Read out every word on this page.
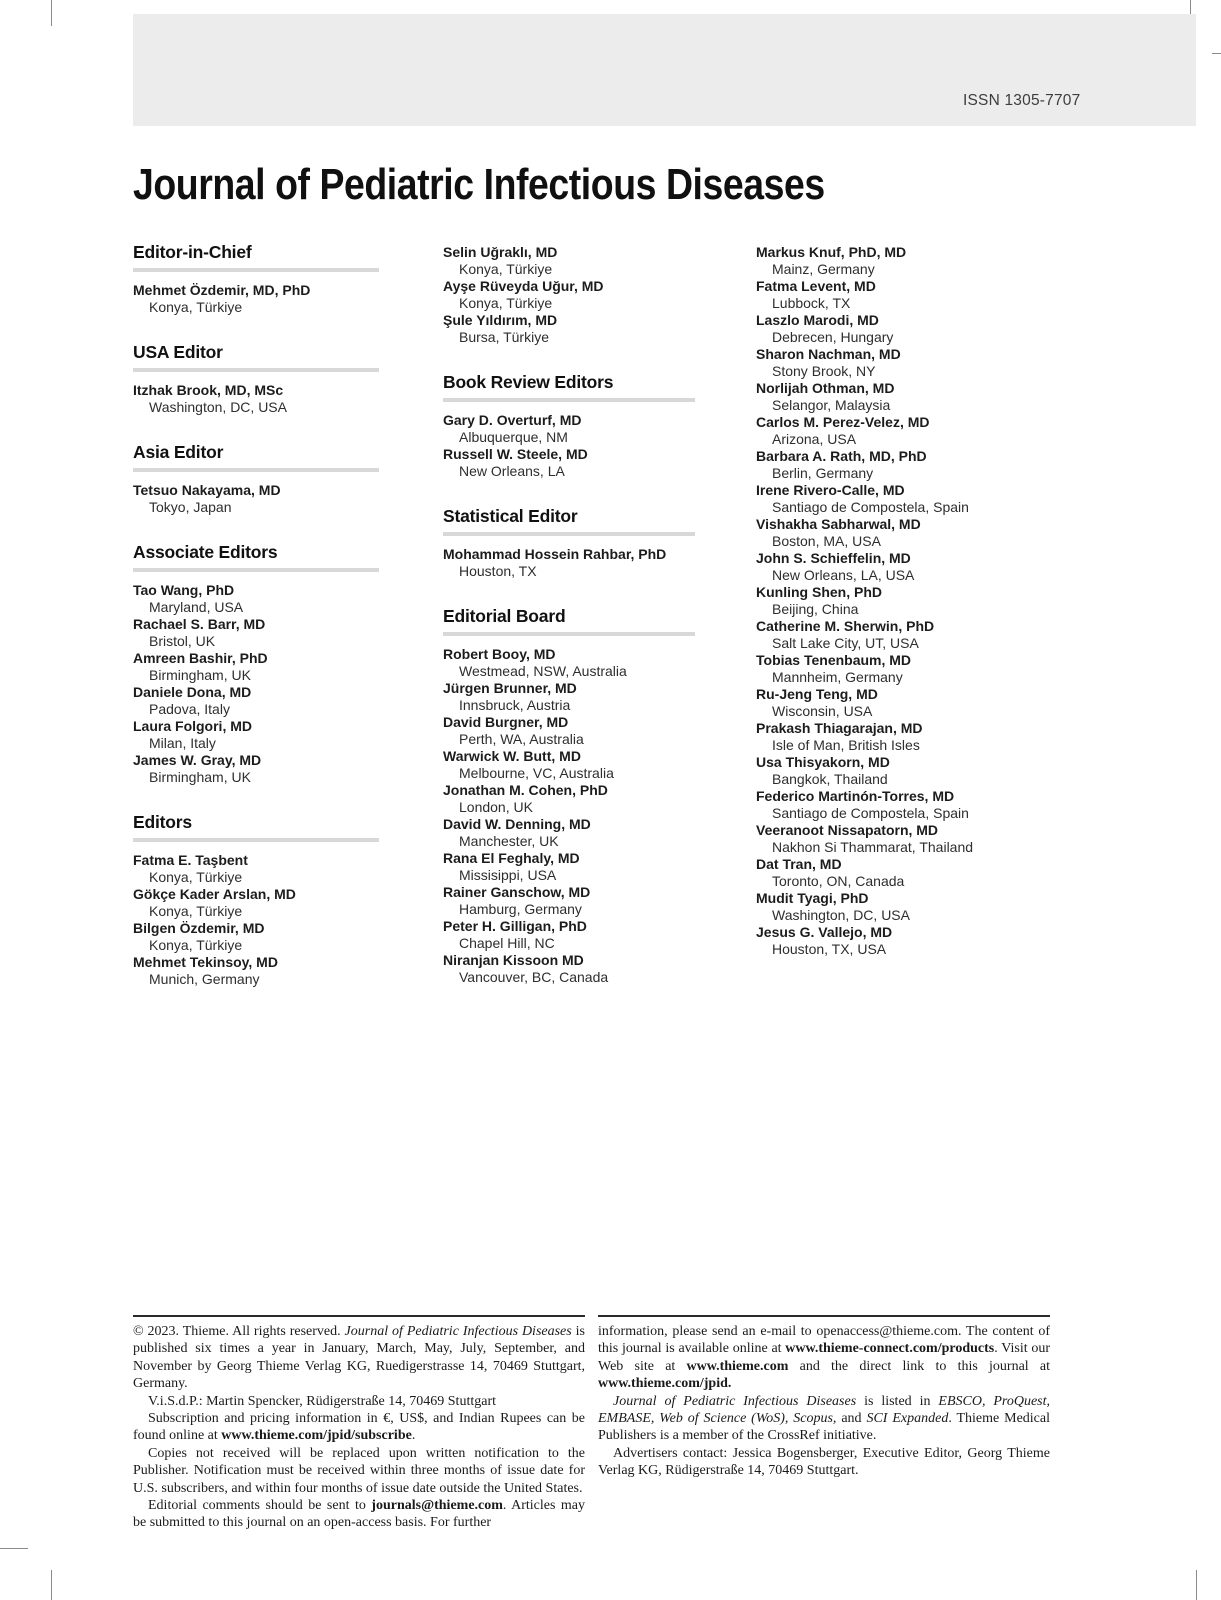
ISSN 1305-7707
Journal of Pediatric Infectious Diseases
Editor-in-Chief
Mehmet Özdemir, MD, PhD
Konya, Türkiye
USA Editor
Itzhak Brook, MD, MSc
Washington, DC, USA
Asia Editor
Tetsuo Nakayama, MD
Tokyo, Japan
Associate Editors
Tao Wang, PhD
Maryland, USA
Rachael S. Barr, MD
Bristol, UK
Amreen Bashir, PhD
Birmingham, UK
Daniele Dona, MD
Padova, Italy
Laura Folgori, MD
Milan, Italy
James W. Gray, MD
Birmingham, UK
Editors
Fatma E. Taşbent
Konya, Türkiye
Gökçe Kader Arslan, MD
Konya, Türkiye
Bilgen Özdemir, MD
Konya, Türkiye
Mehmet Tekinsoy, MD
Munich, Germany
Selin Uğraklı, MD
Konya, Türkiye
Ayşe Rüveyda Uğur, MD
Konya, Türkiye
Şule Yıldırım, MD
Bursa, Türkiye
Book Review Editors
Gary D. Overturf, MD
Albuquerque, NM
Russell W. Steele, MD
New Orleans, LA
Statistical Editor
Mohammad Hossein Rahbar, PhD
Houston, TX
Editorial Board
Robert Booy, MD
Westmead, NSW, Australia
Jürgen Brunner, MD
Innsbruck, Austria
David Burgner, MD
Perth, WA, Australia
Warwick W. Butt, MD
Melbourne, VC, Australia
Jonathan M. Cohen, PhD
London, UK
David W. Denning, MD
Manchester, UK
Rana El Feghaly, MD
Missisippi, USA
Rainer Ganschow, MD
Hamburg, Germany
Peter H. Gilligan, PhD
Chapel Hill, NC
Niranjan Kissoon MD
Vancouver, BC, Canada
Markus Knuf, PhD, MD
Mainz, Germany
Fatma Levent, MD
Lubbock, TX
Laszlo Marodi, MD
Debrecen, Hungary
Sharon Nachman, MD
Stony Brook, NY
Norlijah Othman, MD
Selangor, Malaysia
Carlos M. Perez-Velez, MD
Arizona, USA
Barbara A. Rath, MD, PhD
Berlin, Germany
Irene Rivero-Calle, MD
Santiago de Compostela, Spain
Vishakha Sabharwal, MD
Boston, MA, USA
John S. Schieffelin, MD
New Orleans, LA, USA
Kunling Shen, PhD
Beijing, China
Catherine M. Sherwin, PhD
Salt Lake City, UT, USA
Tobias Tenenbaum, MD
Mannheim, Germany
Ru-Jeng Teng, MD
Wisconsin, USA
Prakash Thiagarajan, MD
Isle of Man, British Isles
Usa Thisyakorn, MD
Bangkok, Thailand
Federico Martinón-Torres, MD
Santiago de Compostela, Spain
Veeranoot Nissapatorn, MD
Nakhon Si Thammarat, Thailand
Dat Tran, MD
Toronto, ON, Canada
Mudit Tyagi, PhD
Washington, DC, USA
Jesus G. Vallejo, MD
Houston, TX, USA

© 2023. Thieme. All rights reserved. Journal of Pediatric Infectious Diseases is published six times a year in January, March, May, July, September, and November by Georg Thieme Verlag KG, Ruedigerstrasse 14, 70469 Stuttgart, Germany.

V.i.S.d.P.: Martin Spencker, Rüdigerstraße 14, 70469 Stuttgart

Subscription and pricing information in €, US$, and Indian Rupees can be found online at www.thieme.com/jpid/subscribe.

Copies not received will be replaced upon written notification to the Publisher. Notification must be received within three months of issue date for U.S. subscribers, and within four months of issue date outside the United States.

Editorial comments should be sent to journals@thieme.com. Articles may be submitted to this journal on an open-access basis. For further

information, please send an e-mail to openaccess@thieme.com. The content of this journal is available online at www.thieme-connect.com/products. Visit our Web site at www.thieme.com and the direct link to this journal at www.thieme.com/jpid.

Journal of Pediatric Infectious Diseases is listed in EBSCO, ProQuest, EMBASE, Web of Science (WoS), Scopus, and SCI Expanded. Thieme Medical Publishers is a member of the CrossRef initiative.

Advertisers contact: Jessica Bogensberger, Executive Editor, Georg Thieme Verlag KG, Rüdigerstraße 14, 70469 Stuttgart.
